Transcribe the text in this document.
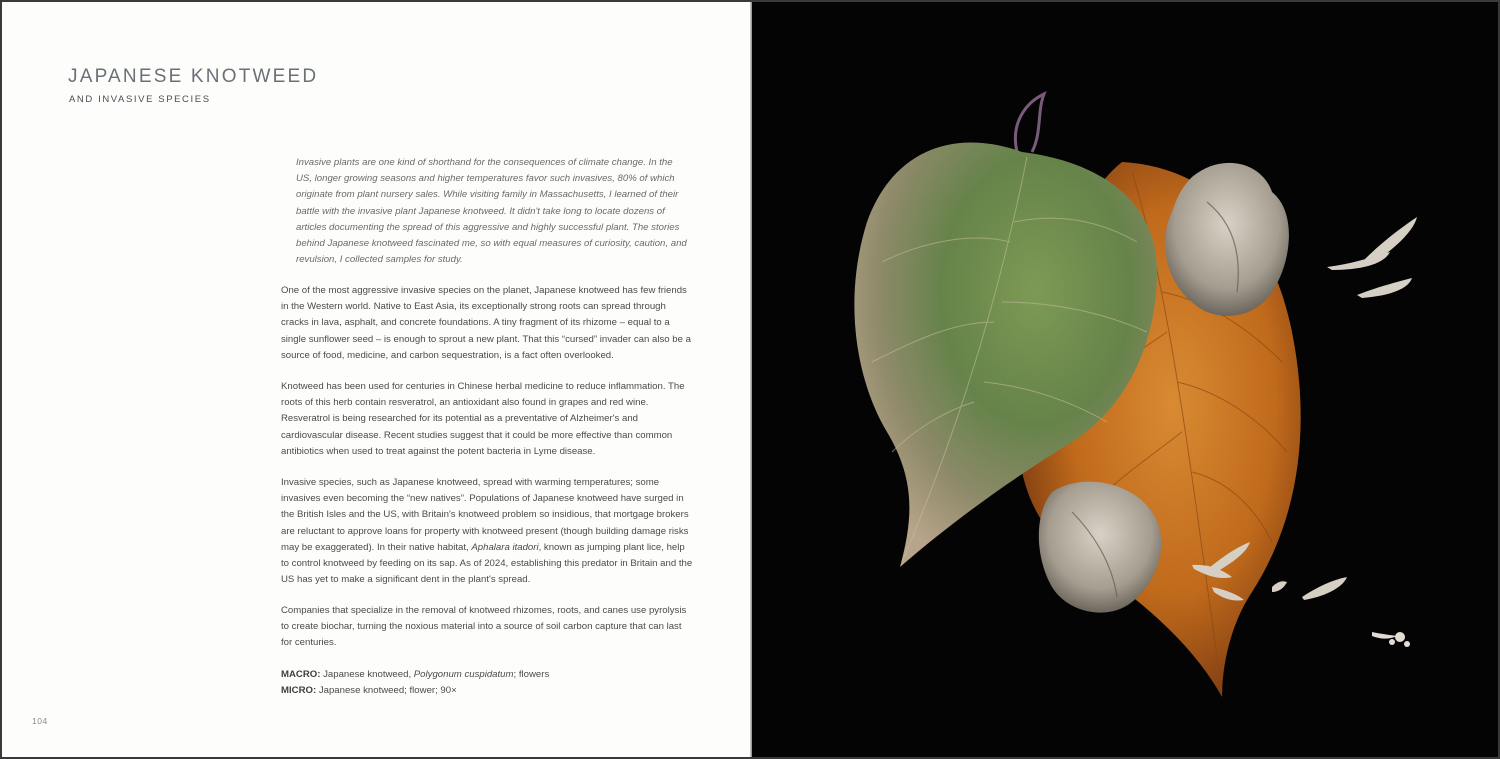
JAPANESE KNOTWEED
AND INVASIVE SPECIES

Invasive plants are one kind of shorthand for the consequences of climate change. In the US, longer growing seasons and higher temperatures favor such invasives, 80% of which originate from plant nursery sales. While visiting family in Massachusetts, I learned of their battle with the invasive plant Japanese knotweed. It didn't take long to locate dozens of articles documenting the spread of this aggressive and highly successful plant. The stories behind Japanese knotweed fascinated me, so with equal measures of curiosity, caution, and revulsion, I collected samples for study.

One of the most aggressive invasive species on the planet, Japanese knotweed has few friends in the Western world. Native to East Asia, its exceptionally strong roots can spread through cracks in lava, asphalt, and concrete foundations. A tiny fragment of its rhizome – equal to a single sunflower seed – is enough to sprout a new plant. That this “cursed” invader can also be a source of food, medicine, and carbon sequestration, is a fact often overlooked.

Knotweed has been used for centuries in Chinese herbal medicine to reduce inflammation. The roots of this herb contain resveratrol, an antioxidant also found in grapes and red wine. Resveratrol is being researched for its potential as a preventative of Alzheimer's and cardiovascular disease. Recent studies suggest that it could be more effective than common antibiotics when used to treat against the potent bacteria in Lyme disease.

Invasive species, such as Japanese knotweed, spread with warming temperatures; some invasives even becoming the “new natives”. Populations of Japanese knotweed have surged in the British Isles and the US, with Britain's knotweed problem so insidious, that mortgage brokers are reluctant to approve loans for property with knotweed present (though building damage risks may be exaggerated). In their native habitat, Aphalara itadori, known as jumping plant lice, help to control knotweed by feeding on its sap. As of 2024, establishing this predator in Britain and the US has yet to make a significant dent in the plant's spread.

Companies that specialize in the removal of knotweed rhizomes, roots, and canes use pyrolysis to create biochar, turning the noxious material into a source of soil carbon capture that can last for centuries.

MACRO: Japanese knotweed, Polygonum cuspidatum; flowers
MICRO: Japanese knotweed; flower; 90×
104
